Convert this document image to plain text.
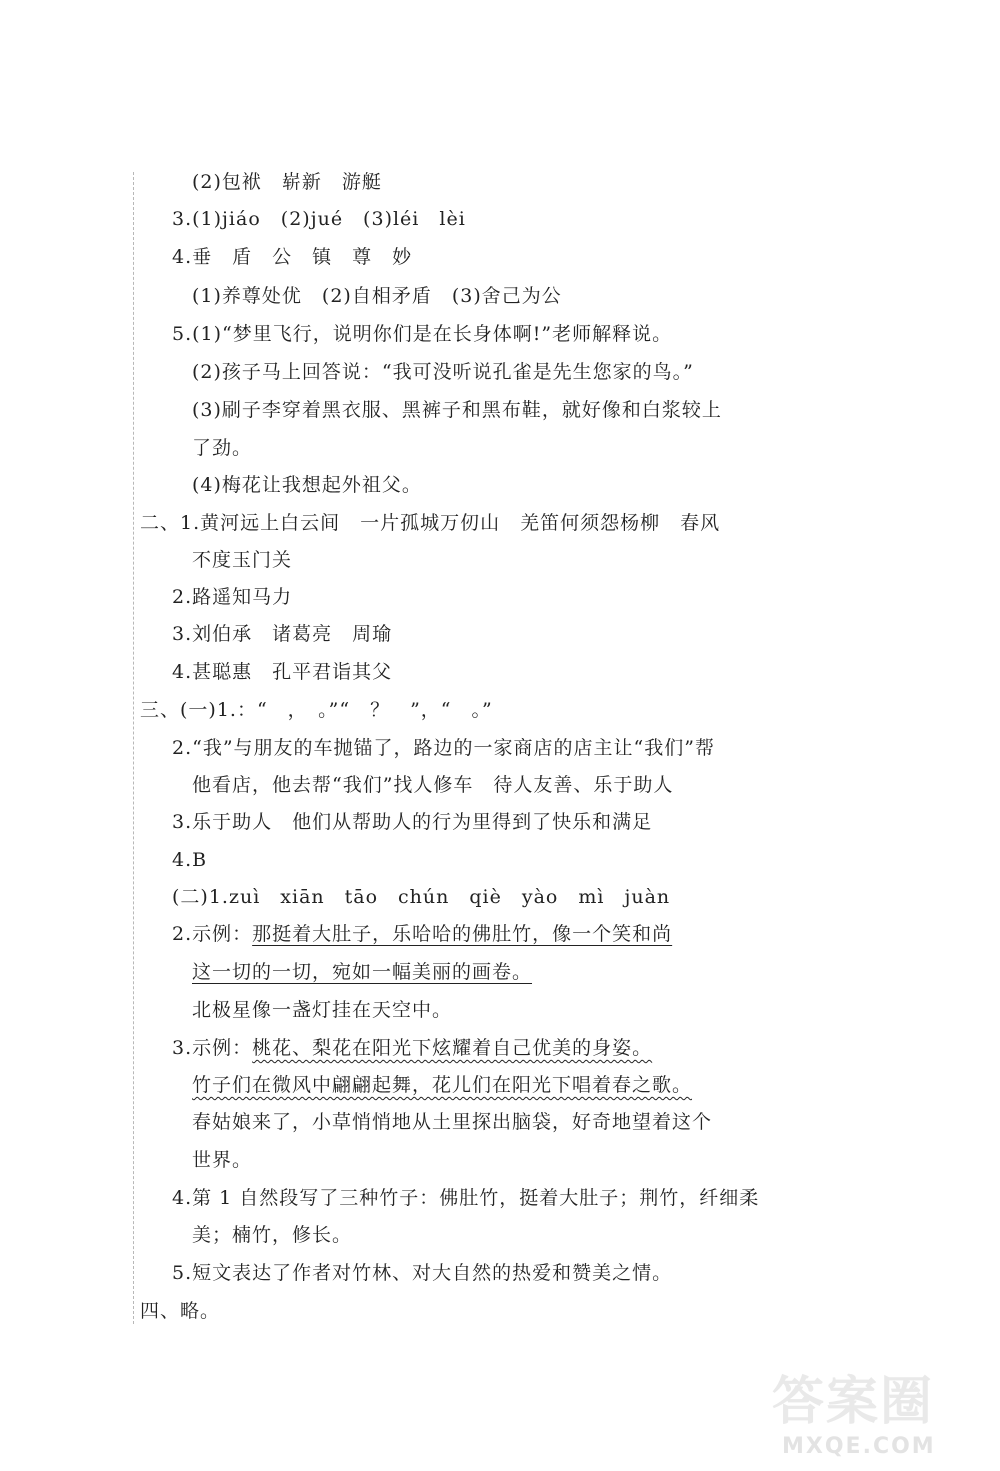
(2)包袱　崭新　游艇
3.(1)jiáo　(2)jué　(3)léi　lèi
4.垂　盾　公　镇　尊　妙
(1)养尊处优　(2)自相矛盾　(3)舍己为公
5.(1)“梦里飞行，说明你们是在长身体啊!”老师解释说。
(2)孩子马上回答说：“我可没听说孔雀是先生您家的鸟。”
(3)刷子李穿着黑衣服、黑裤子和黑布鞋，就好像和白浆较上
了劲。
(4)梅花让我想起外祖父。
二、1.黄河远上白云间　一片孤城万仞山　羌笛何须怨杨柳　春风
不度玉门关
2.路遥知马力
3.刘伯承　诸葛亮　周瑜
4.甚聪惠　孔平君诣其父
三、(一)1.：“　，　。”“　？　”，“　。”
2.“我”与朋友的车抛锚了，路边的一家商店的店主让“我们”帮
他看店，他去帮“我们”找人修车　待人友善、乐于助人
3.乐于助人　他们从帮助人的行为里得到了快乐和满足
4.B
(二)1.zuì　xiān　tāo　chún　qiè　yào　mì　juàn
2.示例：那挺着大肚子，乐哈哈的佛肚竹，像一个笑和尚
这一切的一切，宛如一幅美丽的画卷。
北极星像一盏灯挂在天空中。
3.示例：桃花、梨花在阳光下炫耀着自己优美的身姿。
竹子们在微风中翩翩起舞，花儿们在阳光下唱着春之歌。
春姑娘来了，小草悄悄地从土里探出脑袋，好奇地望着这个
世界。
4.第 1 自然段写了三种竹子：佛肚竹，挺着大肚子；荆竹，纤细柔
美；楠竹，修长。
5.短文表达了作者对竹林、对大自然的热爱和赞美之情。
四、略。
答案圈
MXQE.COM
